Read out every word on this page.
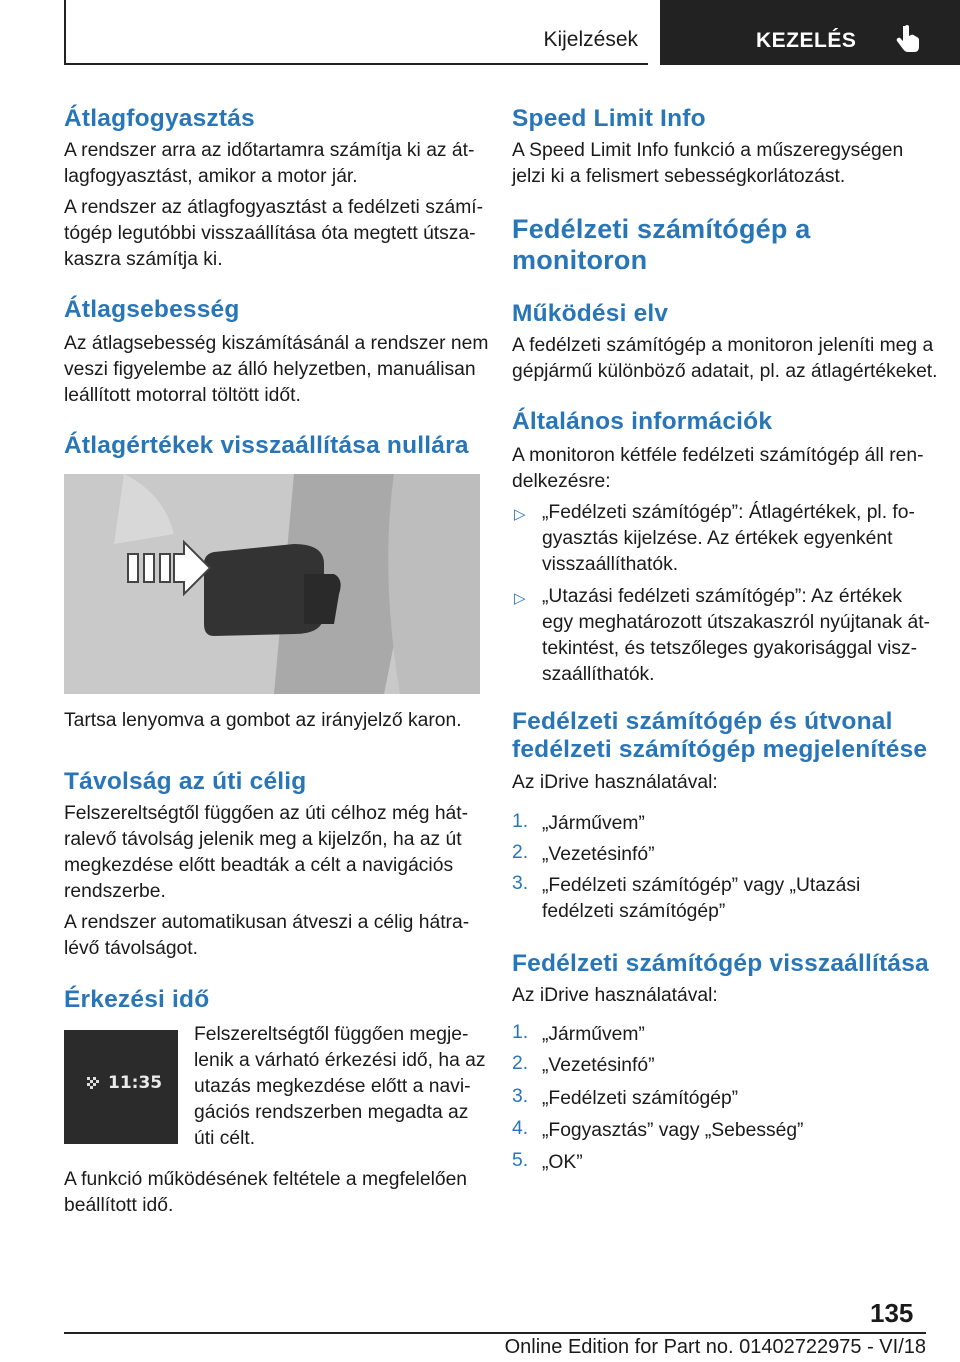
Kijelzések	KEZELÉS
Átlagfogyasztás
A rendszer arra az időtartamra számítja ki az át-
lagfogyasztást, amikor a motor jár.
A rendszer az átlagfogyasztást a fedélzeti számí-
tógép legutóbbi visszaállítása óta megtett útsza-
kaszra számítja ki.
Átlagsebesség
Az átlagsebesség kiszámításánál a rendszer nem
veszi figyelembe az álló helyzetben, manuálisan
leállított motorral töltött időt.
Átlagértékek visszaállítása nullára
Tartsa lenyomva a gombot az irányjelző karon.
Távolság az úti célig
Felszereltségtől függően az úti célhoz még hát-
ralevő távolság jelenik meg a kijelzőn, ha az út
megkezdése előtt beadták a célt a navigációs
rendszerbe.
A rendszer automatikusan átveszi a célig hátra-
lévő távolságot.
Érkezési idő
11:35
Felszereltségtől függően megje-
lenik a várható érkezési idő, ha az
utazás megkezdése előtt a navi-
gációs rendszerben megadta az
úti célt.
A funkció működésének feltétele a megfelelően
beállított idő.
Speed Limit Info
A Speed Limit Info funkció a műszeregységen
jelzi ki a felismert sebességkorlátozást.
Fedélzeti számítógép a
monitoron
Működési elv
A fedélzeti számítógép a monitoron jeleníti meg a
gépjármű különböző adatait, pl. az átlagértékeket.
Általános információk
A monitoron kétféle fedélzeti számítógép áll ren-
delkezésre:
▷ „Fedélzeti számítógép”: Átlagértékek, pl. fo-
gyasztás kijelzése. Az értékek egyenként
visszaállíthatók.
▷ „Utazási fedélzeti számítógép”: Az értékek
egy meghatározott útszakaszról nyújtanak át-
tekintést, és tetszőleges gyakorisággal visz-
szaállíthatók.
Fedélzeti számítógép és útvonal
fedélzeti számítógép megjelenítése
Az iDrive használatával:
1. „Járművem”
2. „Vezetésinfó”
3. „Fedélzeti számítógép” vagy „Utazási
fedélzeti számítógép”
Fedélzeti számítógép visszaállítása
Az iDrive használatával:
1. „Járművem”
2. „Vezetésinfó”
3. „Fedélzeti számítógép”
4. „Fogyasztás” vagy „Sebesség”
5. „OK”
135
Online Edition for Part no. 01402722975 - VI/18
